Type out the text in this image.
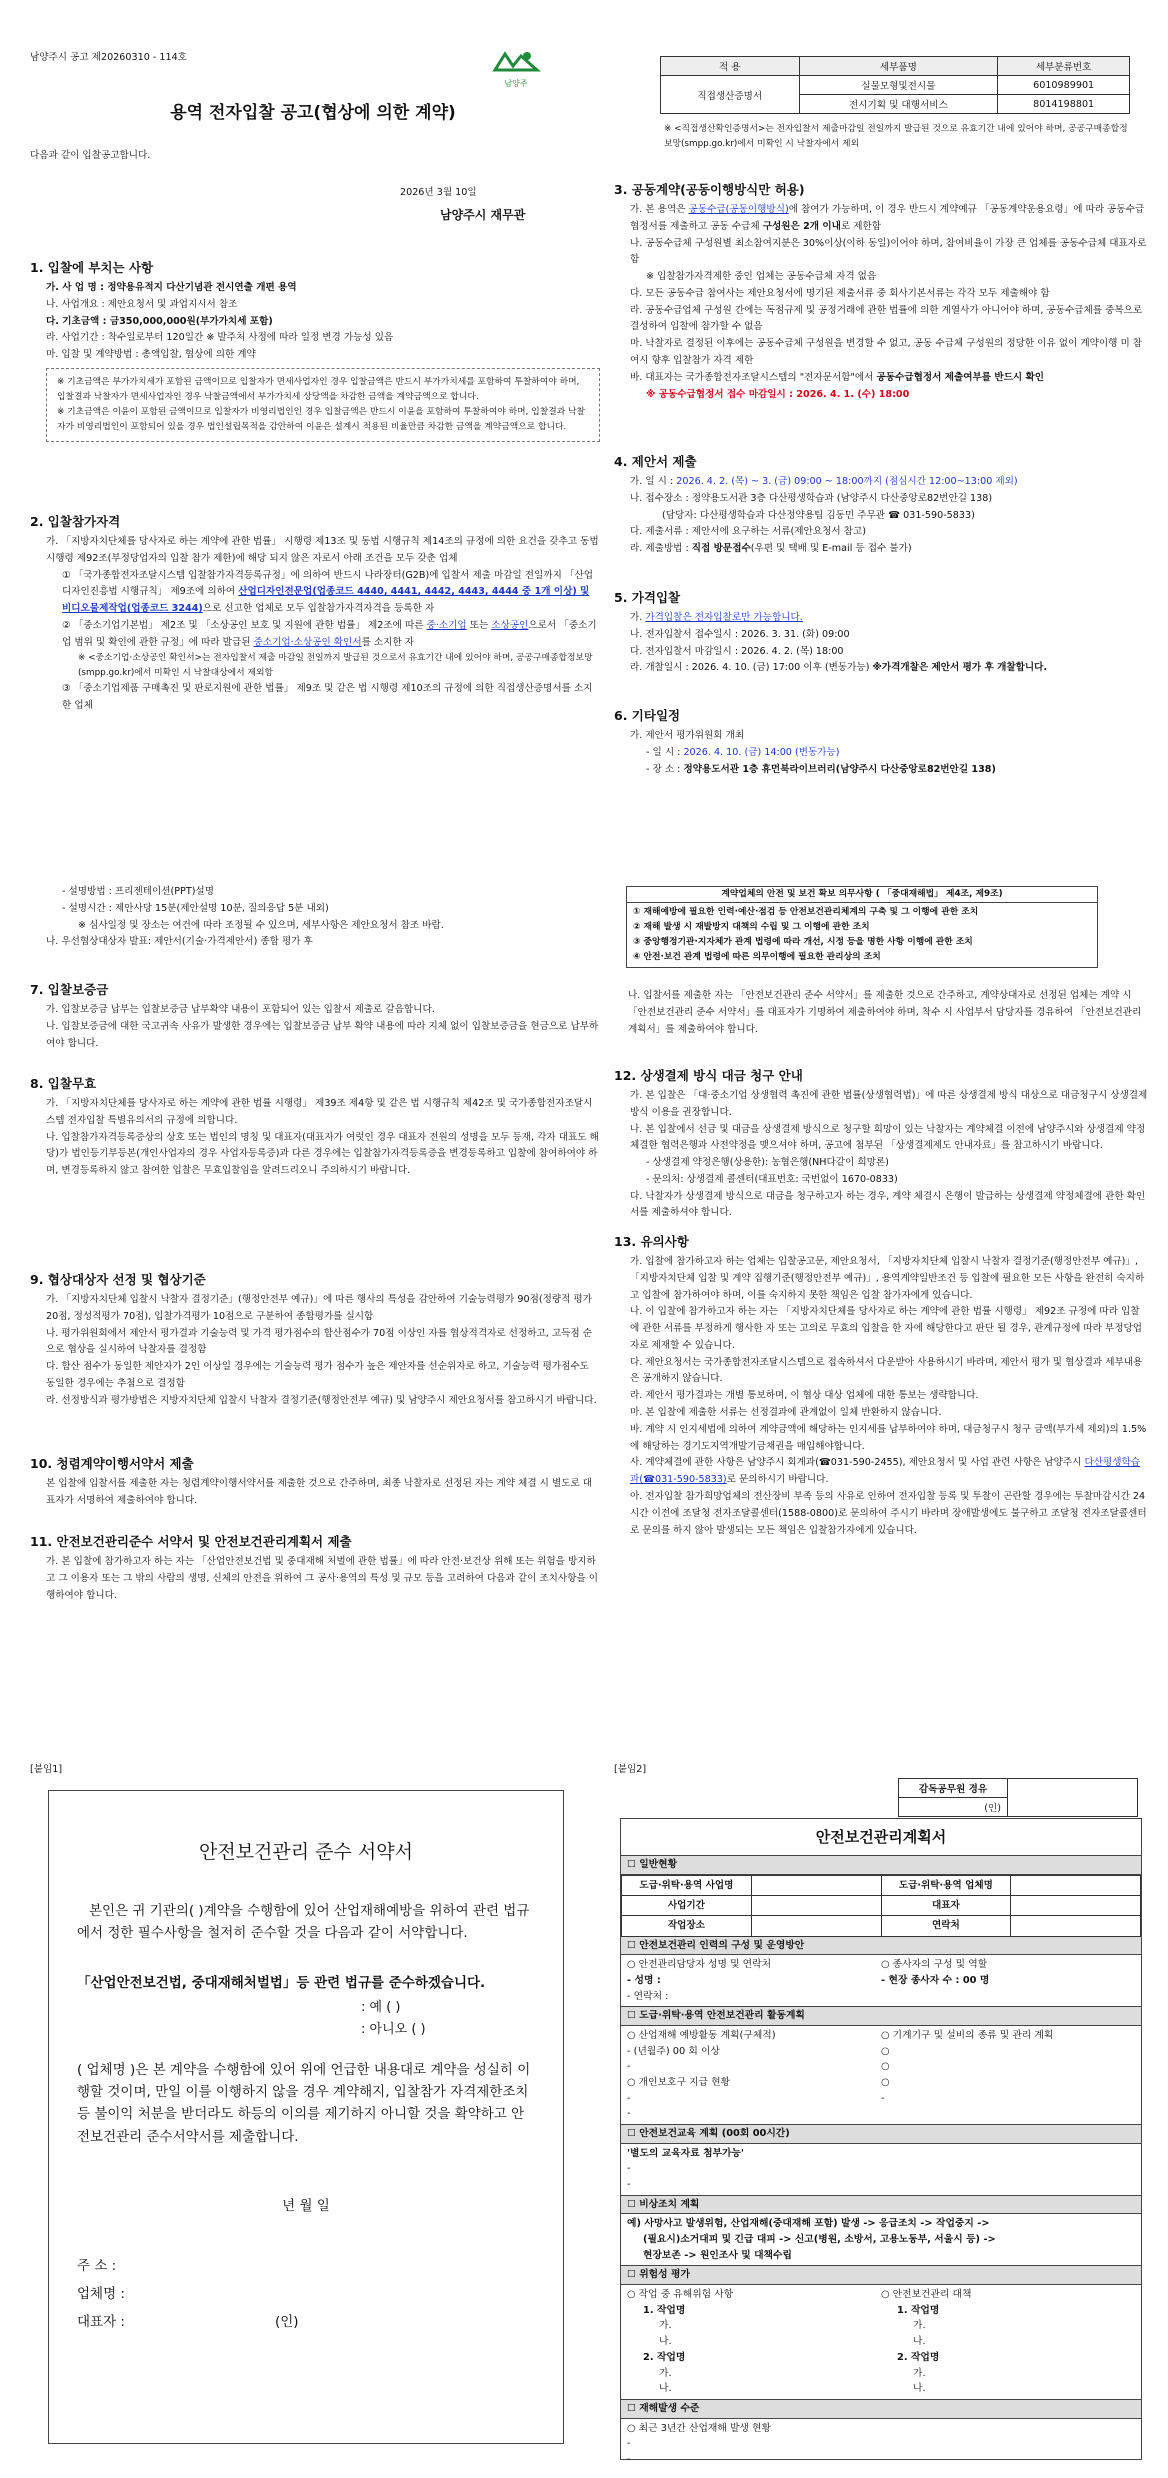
남양주시 공고 제20260310 - 114호
남양주
용역 전자입찰 공고(협상에 의한 계약)
다음과 같이 입찰공고합니다.
2026년 3월 10일
남양주시 재무관

1. 입찰에 부치는 사항

가. 사 업 명 : 정약용유적지 다산기념관 전시연출 개편 용역

나. 사업개요 : 제안요청서 및 과업지시서 참조

다. 기초금액 : 금350,000,000원(부가가치세 포함)

라. 사업기간 : 착수일로부터 120일간 ※ 발주처 사정에 따라 일정 변경 가능성 있음

마. 입찰 및 계약방법 : 총액입찰, 협상에 의한 계약

※ 기초금액은 부가가치세가 포함된 금액이므로 입찰자가 면세사업자인 경우 입찰금액은 반드시 부가가치세를 포함하여 투찰하여야 하며, 입찰결과 낙찰자가 면세사업자인 경우 낙찰금액에서 부가가치세 상당액을 차감한 금액을 계약금액으로 합니다.

※ 기초금액은 이윤이 포함된 금액이므로 입찰자가 비영리법인인 경우 입찰금액은 반드시 이윤을 포함하여 투찰하여야 하며, 입찰결과 낙찰자가 비영리법인이 포함되어 있을 경우 법인설립목적을 감안하여 이윤은 설계시 적용된 비율만큼 차감한 금액을 계약금액으로 합니다.

2. 입찰참가자격

가. 「지방자치단체를 당사자로 하는 계약에 관한 법률」 시행령 제13조 및 동법 시행규칙 제14조의 규정에 의한 요건을 갖추고 동법 시행령 제92조(부정당업자의 입찰 참가 제한)에 해당 되지 않은 자로서 아래 조건을 모두 갖춘 업체

① 「국가종합전자조달시스템 입찰참가자격등록규정」에 의하여 반드시 나라장터(G2B)에 입찰서 제출 마감일 전일까지 「산업디자인진흥법 시행규칙」 제9조에 의하여 산업디자인전문업(업종코드 4440, 4441, 4442, 4443, 4444 중 1개 이상) 및 비디오물제작업(업종코드 3244)으로 신고한 업체로 모두 입찰참가자격자격을 등록한 자

② 「중소기업기본법」 제2조 및 「소상공인 보호 및 지원에 관한 법률」 제2조에 따른 중·소기업 또는 소상공인으로서 「중소기업 범위 및 확인에 관한 규정」에 따라 발급된 중소기업·소상공인 확인서를 소지한 자

※ <중소기업·소상공인 확인서>는 전자입찰서 제출 마감일 전일까지 발급된 것으로서 유효기간 내에 있어야 하며, 공공구매종합정보망(smpp.go.kr)에서 미확인 시 낙찰대상에서 제외함

③ 「중소기업제품 구매촉진 및 판로지원에 관한 법률」 제9조 및 같은 법 시행령 제10조의 규정에 의한 직접생산증명서를 소지한 업체

적 용	세부품명	세부분류번호
직접생산증명서	실물모형및전시물	6010989901
	전시기획 및 대행서비스	8014198801
※ <직접생산확인증명서>는 전자입찰서 제출마감일 전일까지 발급된 것으로 유효기간 내에 있어야 하며, 공공구매종합정보망(smpp.go.kr)에서 미확인 시 낙찰자에서 제외

3. 공동계약(공동이행방식만 허용)

가. 본 용역은 공동수급(공동이행방식)에 참여가 가능하며, 이 경우 반드시 계약예규 「공동계약운용요령」에 따라 공동수급협정서를 제출하고 공동 수급체 구성원은 2개 이내로 제한함

나. 공동수급체 구성원별 최소참여지분은 30%이상(이하 동일)이어야 하며, 참여비율이 가장 큰 업체를 공동수급체 대표자로 함

※ 입찰참가자격제한 중인 업체는 공동수급체 자격 없음

다. 모든 공동수급 참여사는 제안요청서에 명기된 제출서류 중 회사기본서류는 각각 모두 제출해야 함

라. 공동수급업체 구성원 간에는 독점규제 및 공정거래에 관한 법률에 의한 계열사가 아니어야 하며, 공동수급체를 중복으로 결성하여 입찰에 참가할 수 없음

마. 낙찰자로 결정된 이후에는 공동수급체 구성원을 변경할 수 없고, 공동 수급체 구성원의 정당한 이유 없이 계약이행 미 참여시 향후 입찰참가 자격 제한

바. 대표자는 국가종합전자조달시스템의 "전자문서함"에서 공동수급협정서 제출여부를 반드시 확인

※ 공동수급협정서 접수 마감일시 : 2026. 4. 1. (수) 18:00

4. 제안서 제출

가. 일 시 : 2026. 4. 2. (목) ~ 3. (금) 09:00 ~ 18:00까지 (점심시간 12:00~13:00 제외)

나. 접수장소 : 정약용도서관 3층 다산평생학습과 (남양주시 다산중앙로82번안길 138)

(담당자: 다산평생학습과 다산정약용팀 김동민 주무관 ☎ 031-590-5833)

다. 제출서류 : 제안서에 요구하는 서류(제안요청서 참고)

라. 제출방법 : 직접 방문접수(우편 및 택배 및 E-mail 등 접수 불가)

5. 가격입찰

가. 가격입찰은 전자입찰로만 가능합니다.

나. 전자입찰서 접수일시 : 2026. 3. 31. (화) 09:00

다. 전자입찰서 마감일시 : 2026. 4. 2. (목) 18:00

라. 개찰일시 : 2026. 4. 10. (금) 17:00 이후 (변동가능) ※가격개찰은 제안서 평가 후 개찰합니다.

6. 기타일정

가. 제안서 평가위원회 개최

- 일 시 : 2026. 4. 10. (금) 14:00 (변동가능)

- 장 소 : 정약용도서관 1층 휴먼북라이브러리(남양주시 다산중앙로82번안길 138)

- 설명방법 : 프리젠테이션(PPT)설명

- 설명시간 : 제안사당 15분(제안설명 10분, 질의응답 5분 내외)

※ 심사일정 및 장소는 여건에 따라 조정될 수 있으며, 세부사항은 제안요청서 참조 바람.

나. 우선협상대상자 발표: 제안서(기술·가격제안서) 종합 평가 후

7. 입찰보증금

가. 입찰보증금 납부는 입찰보증금 납부확약 내용이 포함되어 있는 입찰서 제출로 갈음합니다.

나. 입찰보증금에 대한 국고귀속 사유가 발생한 경우에는 입찰보증금 납부 확약 내용에 따라 지체 없이 입찰보증금을 현금으로 납부하여야 합니다.

8. 입찰무효

가. 「지방자치단체를 당사자로 하는 계약에 관한 법률 시행령」 제39조 제4항 및 같은 법 시행규칙 제42조 및 국가종합전자조달시스템 전자입찰 특별유의서의 규정에 의합니다.

나. 입찰참가자격등록증상의 상호 또는 법인의 명칭 및 대표자(대표자가 여럿인 경우 대표자 전원의 성명을 모두 등재, 각자 대표도 해당)가 법인등기부등본(개인사업자의 경우 사업자등록증)과 다른 경우에는 입찰참가자격등록증을 변경등록하고 입찰에 참여하여야 하며, 변경등록하지 않고 참여한 입찰은 무효입찰임을 알려드리오니 주의하시기 바랍니다.

9. 협상대상자 선정 및 협상기준

가. 「지방자치단체 입찰시 낙찰자 결정기준」(행정안전부 예규)」에 따른 행사의 특성을 감안하여 기술능력평가 90점(정량적 평가 20점, 정성적평가 70점), 입찰가격평가 10점으로 구분하여 종합평가를 실시함

나. 평가위원회에서 제안서 평가결과 기술능력 및 가격 평가점수의 합산점수가 70점 이상인 자를 협상적격자로 선정하고, 고득점 순으로 협상을 실시하여 낙찰자를 결정함

다. 합산 점수가 동일한 제안자가 2인 이상일 경우에는 기술능력 평가 점수가 높은 제안자를 선순위자로 하고, 기술능력 평가점수도 동일한 경우에는 추첨으로 결정함

라. 선정방식과 평가방법은 지방자치단체 입찰시 낙찰자 결정기준(행정안전부 예규) 및 남양주시 제안요청서를 참고하시기 바랍니다.

10. 청렴계약이행서약서 제출

본 입찰에 입찰서를 제출한 자는 청렴계약이행서약서를 제출한 것으로 간주하며, 최종 낙찰자로 선정된 자는 계약 체결 시 별도로 대표자가 서명하여 제출하여야 합니다.

11. 안전보건관리준수 서약서 및 안전보건관리계획서 제출

가. 본 입찰에 참가하고자 하는 자는 「산업안전보건법 및 중대재해 처벌에 관한 법률」에 따라 안전·보건상 위해 또는 위험을 방지하고 그 이용자 또는 그 밖의 사람의 생명, 신체의 안전을 위하여 그 공사·용역의 특성 및 규모 등을 고려하여 다음과 같이 조치사항을 이행하여야 합니다.

계약업체의 안전 및 보건 확보 의무사항 ( 「중대재해법」 제4조, 제9조)

① 재해예방에 필요한 인력·예산·점검 등 안전보건관리체계의 구축 및 그 이행에 관한 조치

② 재해 발생 시 재발방지 대책의 수립 및 그 이행에 관한 조치

③ 중앙행정기관·지자체가 관계 법령에 따라 개선, 시정 등을 명한 사항 이행에 관한 조치

④ 안전·보건 관계 법령에 따른 의무이행에 필요한 관리상의 조치

나. 입찰서를 제출한 자는 「안전보건관리 준수 서약서」를 제출한 것으로 간주하고, 계약상대자로 선정된 업체는 계약 시 「안전보건관리 준수 서약서」를 대표자가 기명하여 제출하여야 하며, 착수 시 사업부서 담당자를 경유하여 「안전보건관리계획서」를 제출하여야 합니다.

12. 상생결제 방식 대금 청구 안내

가. 본 입찰은 「대·중소기업 상생협력 촉진에 관한 법률(상생협력법)」에 따른 상생결제 방식 대상으로 대금청구시 상생결제 방식 이용을 권장합니다.

나. 본 입찰에서 선금 및 대금을 상생결제 방식으로 청구할 희망이 있는 낙찰자는 계약체결 이전에 남양주시와 상생결제 약정체결한 협력은행과 사전약정을 맺으셔야 하며, 공고에 첨부된 「상생결제제도 안내자료」를 참고하시기 바랍니다.

- 상생결제 약정은행(상용한): 농협은행(NH다같이 희망론)

- 문의처: 상생결제 콜센터(대표번호: 국번없이 1670-0833)

다. 낙찰자가 상생결제 방식으로 대금을 청구하고자 하는 경우, 계약 체결시 은행이 발급하는 상생결제 약정체결에 관한 확인서를 제출하셔야 합니다.

13. 유의사항

가. 입찰에 참가하고자 하는 업체는 입찰공고문, 제안요청서, 「지방자치단체 입찰시 낙찰자 결정기준(행정안전부 예규)」, 「지방자치단체 입찰 및 계약 집행기준(행정안전부 예규)」, 용역계약일반조건 등 입찰에 필요한 모든 사항을 완전히 숙지하고 입찰에 참가하여야 하며, 이를 숙지하지 못한 책임은 입찰 참가자에게 있습니다.

나. 이 입찰에 참가하고자 하는 자는 「지방자치단체를 당사자로 하는 계약에 관한 법률 시행령」 제92조 규정에 따라 입찰에 관한 서류를 부정하게 행사한 자 또는 고의로 무효의 입찰을 한 자에 해당한다고 판단 될 경우, 관계규정에 따라 부정당업자로 제재할 수 있습니다.

다. 제안요청서는 국가종합전자조달시스템으로 접속하셔서 다운받아 사용하시기 바라며, 제안서 평가 및 협상결과 세부내용은 공개하지 않습니다.

라. 제안서 평가결과는 개별 통보하며, 이 협상 대상 업체에 대한 통보는 생략합니다.

마. 본 입찰에 제출한 서류는 선정결과에 관계없이 일체 반환하지 않습니다.

바. 계약 시 인지세법에 의하여 계약금액에 해당하는 인지세를 납부하여야 하며, 대금청구시 청구 금액(부가세 제외)의 1.5%에 해당하는 경기도지역개발기금채권을 매입해야합니다.

사. 계약체결에 관한 사항은 남양주시 회계과(☎031-590-2455), 제안요청서 및 사업 관련 사항은 남양주시 다산평생학습과(☎031-590-5833)로 문의하시기 바랍니다.

아. 전자입찰 참가희망업체의 전산장비 부족 등의 사유로 인하여 전자입찰 등록 및 투찰이 곤란할 경우에는 투찰마감시간 24시간 이전에 조달청 전자조달콜센터(1588-0800)로 문의하여 주시기 바라며 장애발생에도 불구하고 조달청 전자조달콜센터로 문의를 하지 않아 발생되는 모든 책임은 입찰참가자에게 있습니다.

[붙임1]
안전보건관리 준수 서약서
본인은 귀 기관의( )계약을 수행함에 있어 산업재해예방을 위하여 관련 법규에서 정한 필수사항을 철저히 준수할 것을 다음과 같이 서약합니다.
「산업안전보건법, 중대재해처벌법」등 관련 법규를 준수하겠습니다.

: 예 ( )

: 아니오 ( )

( 업체명 )은 본 계약을 수행함에 있어 위에 언급한 내용대로 계약을 성실히 이행할 것이며, 만일 이를 이행하지 않을 경우 계약해지, 입찰참가 자격제한조치 등 불이익 처분을 받더라도 하등의 이의를 제기하지 아니할 것을 확약하고 안전보건관리 준수서약서를 제출합니다.
년 월 일

주 소 :

업체명 :

대표자 :	(인)

[붙임2]
감독공무원 경유	
(인)
안전보건관리계획서
☐ 일반현황
도급·위탁·용역 사업명		도급·위탁·용역 업체명	
사업기간		대표자	
작업장소		연락처	
☐ 안전보건관리 인력의 구성 및 운영방안

○ 안전관리담당자 성명 및 연락처

- 성명 :

- 연락처 :

○ 종사자의 구성 및 역할

- 현장 종사자 수 : 00 명

☐ 도급·위탁·용역 안전보건관리 활동계획

○ 산업재해 예방활동 계획(구체적)

- (년월주) 00 회 이상

-

○ 개인보호구 지급 현황

-

-

○ 기계기구 및 설비의 종류 및 관리 계획

○

○

○

-

☐ 안전보건교육 계획 (00회 00시간)

'별도의 교육자료 첨부가능'

-

-

☐ 비상조치 계획

예) 사망사고 발생위험, 산업재해(중대재해 포함) 발생 -> 응급조치 -> 작업중지 ->

(필요시)소거대피 및 긴급 대피 -> 신고(병원, 소방서, 고용노동부, 서울시 등) ->

현장보존 -> 원인조사 및 대책수립

☐ 위험성 평가

○ 작업 중 유해위험 사항

1. 작업명

가.

나.

2. 작업명

가.

나.

○ 안전보건관리 대책

1. 작업명

가.

나.

2. 작업명

가.

나.

☐ 재해발생 수준

○ 최근 3년간 산업재해 발생 현황

-

-
